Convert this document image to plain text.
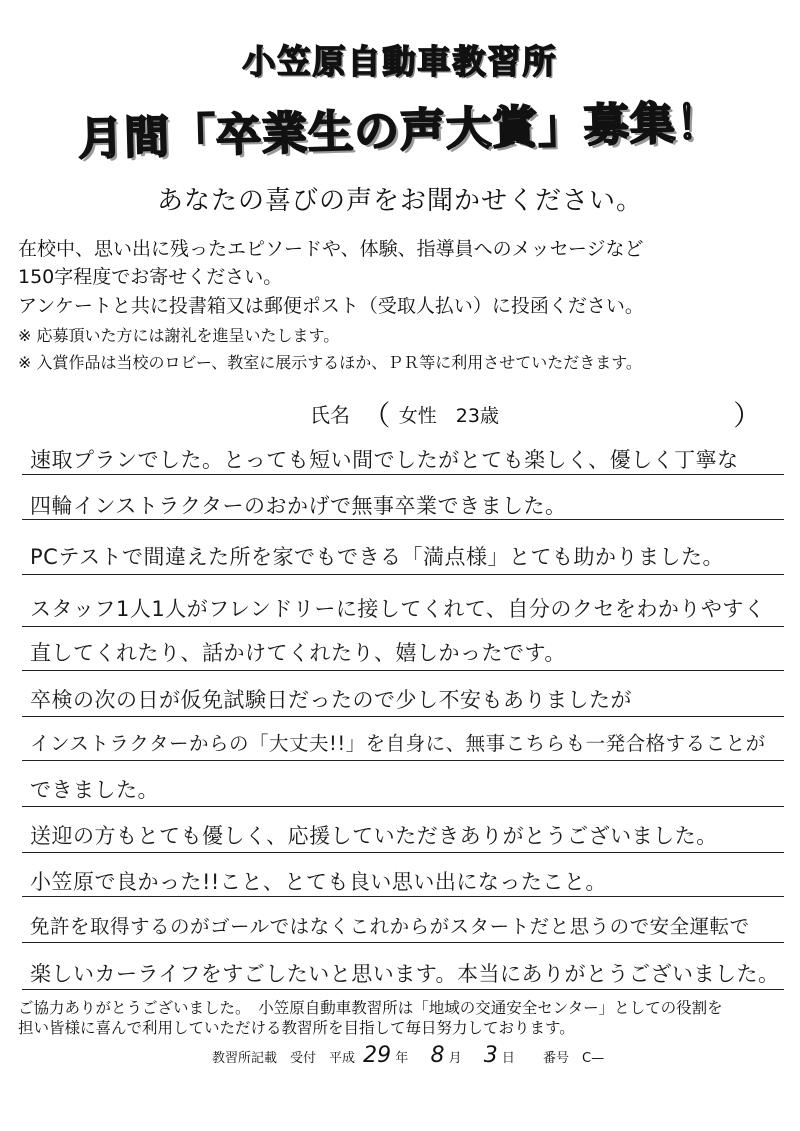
小笠原自動車教習所
月間「卒業生の声大賞」募集！
あなたの喜びの声をお聞かせください。
在校中、思い出に残ったエピソードや、体験、指導員へのメッセージなど
150字程度でお寄せください。
アンケートと共に投書箱又は郵便ポスト（受取人払い）に投函ください。
※ 応募頂いた方には謝礼を進呈いたします。
※ 入賞作品は当校のロビー、教室に展示するほか、ＰＲ等に利用させていただきます。
氏名 （ 女性　23歳	）
速取プランでした。とっても短い間でしたがとても楽しく、優しく丁寧な
四輪インストラクターのおかげで無事卒業できました。
PCテストで間違えた所を家でもできる「満点様」とても助かりました。
スタッフ1人1人がフレンドリーに接してくれて、自分のクセをわかりやすく
直してくれたり、話かけてくれたり、嬉しかったです。
卒検の次の日が仮免試験日だったので少し不安もありましたが
インストラクターからの「大丈夫!!」を自身に、無事こちらも一発合格することが
できました。
送迎の方もとても優しく、応援していただきありがとうございました。
小笠原で良かった!!こと、とても良い思い出になったこと。
免許を取得するのがゴールではなくこれからがスタートだと思うので安全運転で
楽しいカーライフをすごしたいと思います。本当にありがとうございました。
ご協力ありがとうございました。　小笠原自動車教習所は「地域の交通安全センター」としての役割を
担い皆様に喜んで利用していただける教習所を目指して毎日努力しております。
教習所記載　受付　平成 29 年 8 月 3 日 番号　C—
